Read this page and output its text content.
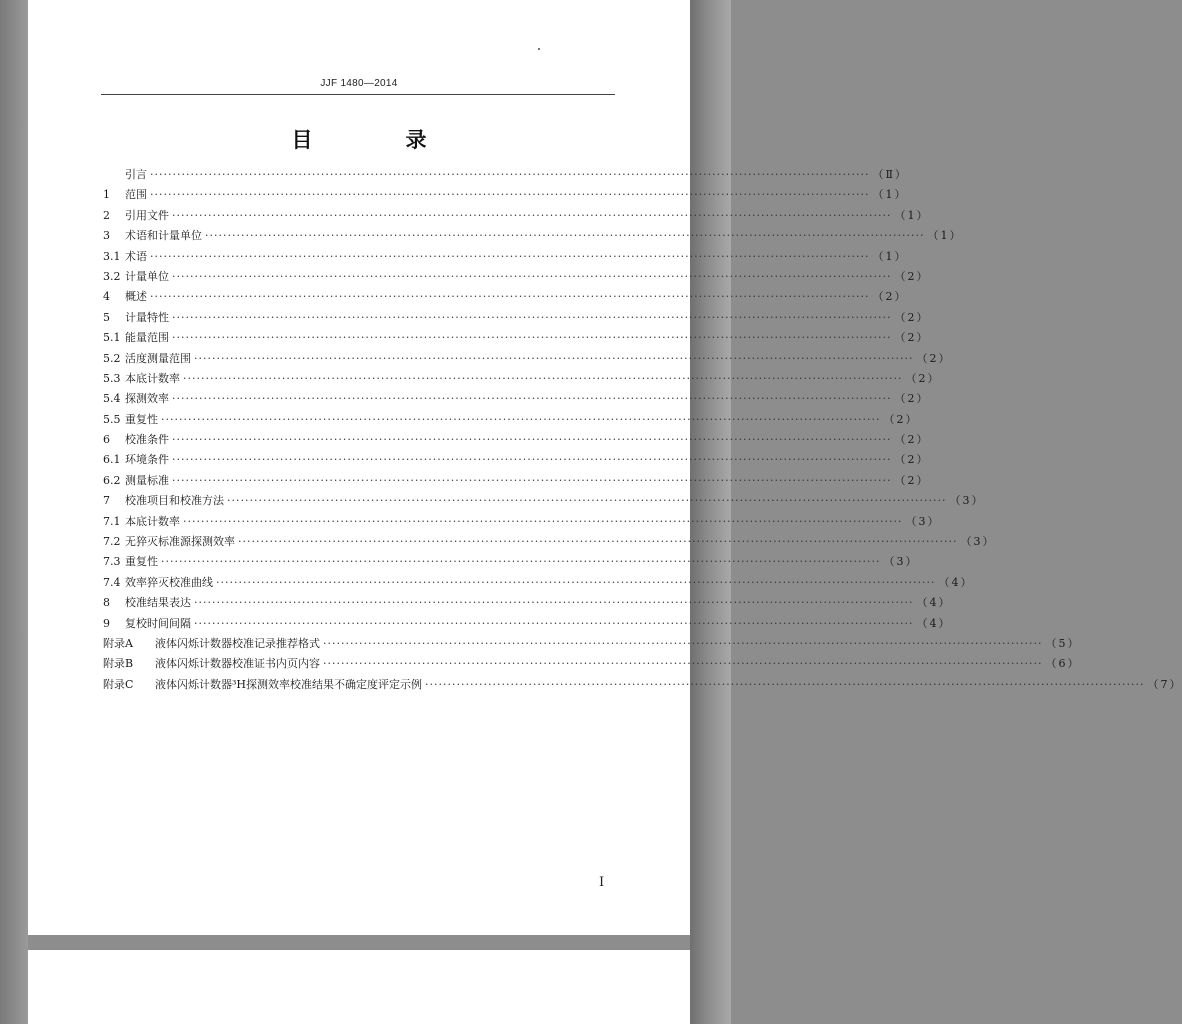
JJF 1480—2014
目　录
引言 ································································································································································ （Ⅱ）
1	范围 ································································································································································ （1）
2	引用文件 ································································································································································ （1）
3	术语和计量单位 ································································································································································ （1）
3.1 术语 ································································································································································ （1）
3.2 计量单位 ································································································································································ （2）
4	概述 ································································································································································ （2）
5	计量特性 ································································································································································ （2）
5.1 能量范围 ································································································································································ （2）
5.2 活度测量范围 ································································································································································ （2）
5.3 本底计数率 ································································································································································ （2）
5.4 探测效率 ································································································································································ （2）
5.5 重复性 ································································································································································ （2）
6	校准条件 ································································································································································ （2）
6.1 环境条件 ································································································································································ （2）
6.2 测量标准 ································································································································································ （2）
7	校准项目和校准方法 ································································································································································ （3）
7.1 本底计数率 ································································································································································ （3）
7.2 无猝灭标准源探测效率 ································································································································································ （3）
7.3 重复性 ································································································································································ （3）
7.4 效率猝灭校准曲线 ································································································································································ （4）
8	校准结果表达 ································································································································································ （4）
9	复校时间间隔 ································································································································································ （4）
附录A	液体闪烁计数器校准记录推荐格式 ································································································································································ （5）
附录B	液体闪烁计数器校准证书内页内容 ································································································································································ （6）
附录C	液体闪烁计数器³H探测效率校准结果不确定度评定示例 ································································································································································ （7）
I
